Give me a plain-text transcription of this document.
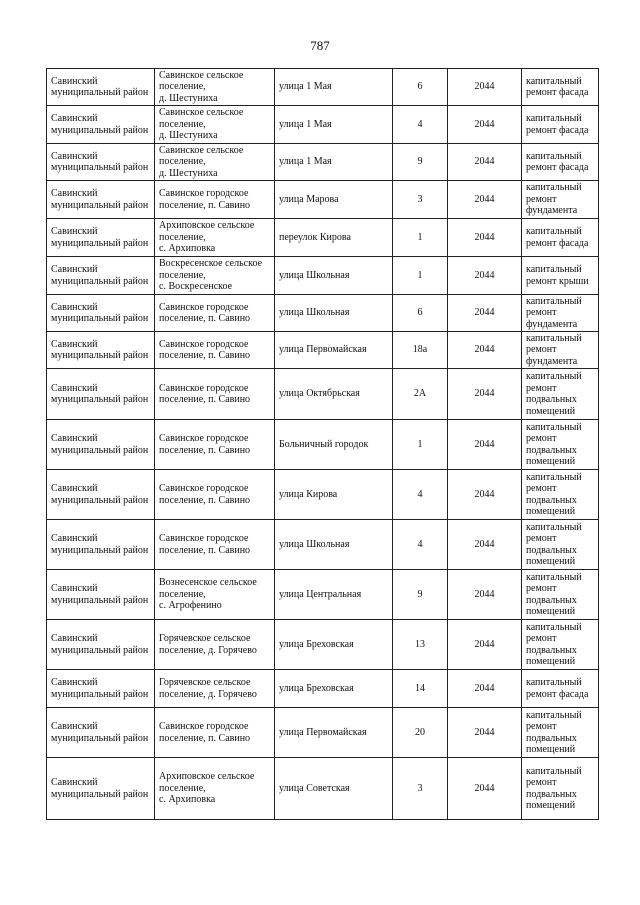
787
Савинский муниципальный район	Савинское сельское поселение,
д. Шестуниха	улица 1 Мая	6	2044	капитальный ремонт фасада
Савинский муниципальный район	Савинское сельское поселение,
д. Шестуниха	улица 1 Мая	4	2044	капитальный ремонт фасада
Савинский муниципальный район	Савинское сельское поселение,
д. Шестуниха	улица 1 Мая	9	2044	капитальный ремонт фасада
Савинский муниципальный район	Савинское городское поселение, п. Савино	улица Марова	3	2044	капитальный ремонт фундамента
Савинский муниципальный район	Архиповское сельское поселение,
с. Архиповка	переулок Кирова	1	2044	капитальный ремонт фасада
Савинский муниципальный район	Воскресенское сельское поселение,
с. Воскресенское	улица Школьная	1	2044	капитальный ремонт крыши
Савинский муниципальный район	Савинское городское поселение, п. Савино	улица Школьная	6	2044	капитальный ремонт фундамента
Савинский муниципальный район	Савинское городское поселение, п. Савино	улица Первомайская	18а	2044	капитальный ремонт фундамента
Савинский муниципальный район	Савинское городское поселение, п. Савино	улица Октябрьская	2А	2044	капитальный ремонт подвальных помещений
Савинский муниципальный район	Савинское городское поселение, п. Савино	Больничный городок	1	2044	капитальный ремонт подвальных помещений
Савинский муниципальный район	Савинское городское поселение, п. Савино	улица Кирова	4	2044	капитальный ремонт подвальных помещений
Савинский муниципальный район	Савинское городское поселение, п. Савино	улица Школьная	4	2044	капитальный ремонт подвальных помещений
Савинский муниципальный район	Вознесенское сельское поселение,
с. Агрофенино	улица Центральная	9	2044	капитальный ремонт подвальных помещений
Савинский муниципальный район	Горячевское сельское поселение, д. Горячево	улица Бреховская	13	2044	капитальный ремонт подвальных помещений
Савинский муниципальный район	Горячевское сельское поселение, д. Горячево	улица Бреховская	14	2044	капитальный ремонт фасада
Савинский муниципальный район	Савинское городское поселение, п. Савино	улица Первомайская	20	2044	капитальный ремонт подвальных помещений
Савинский муниципальный район	Архиповское сельское поселение,
с. Архиповка	улица Советская	3	2044	капитальный ремонт подвальных помещений
